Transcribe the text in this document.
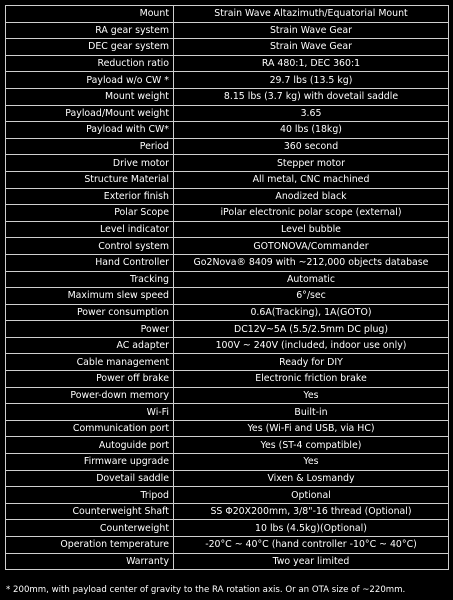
Mount	Strain Wave Altazimuth/Equatorial Mount
RA gear system	Strain Wave Gear
DEC gear system	Strain Wave Gear
Reduction ratio	RA 480:1, DEC 360:1
Payload w/o CW *	29.7 lbs (13.5 kg)
Mount weight	8.15 lbs (3.7 kg) with dovetail saddle
Payload/Mount weight	3.65
Payload with CW*	40 lbs (18kg)
Period	360 second
Drive motor	Stepper motor
Structure Material	All metal, CNC machined
Exterior finish	Anodized black
Polar Scope	iPolar electronic polar scope (external)
Level indicator	Level bubble
Control system	GOTONOVA/Commander
Hand Controller	Go2Nova® 8409 with ~212,000 objects database
Tracking	Automatic
Maximum slew speed	6°/sec
Power consumption	0.6A(Tracking), 1A(GOTO)
Power	DC12V~5A (5.5/2.5mm DC plug)
AC adapter	100V ~ 240V (included, indoor use only)
Cable management	Ready for DIY
Power off brake	Electronic friction brake
Power-down memory	Yes
Wi-Fi	Built-in
Communication port	Yes (Wi-Fi and USB, via HC)
Autoguide port	Yes (ST-4 compatible)
Firmware upgrade	Yes
Dovetail saddle	Vixen & Losmandy
Tripod	Optional
Counterweight Shaft	SS Φ20X200mm, 3/8"-16 thread (Optional)
Counterweight	10 lbs (4.5kg)(Optional)
Operation temperature	-20°C ~ 40°C (hand controller -10°C ~ 40°C)
Warranty	Two year limited
* 200mm, with payload center of gravity to the RA rotation axis. Or an OTA size of ~220mm.
